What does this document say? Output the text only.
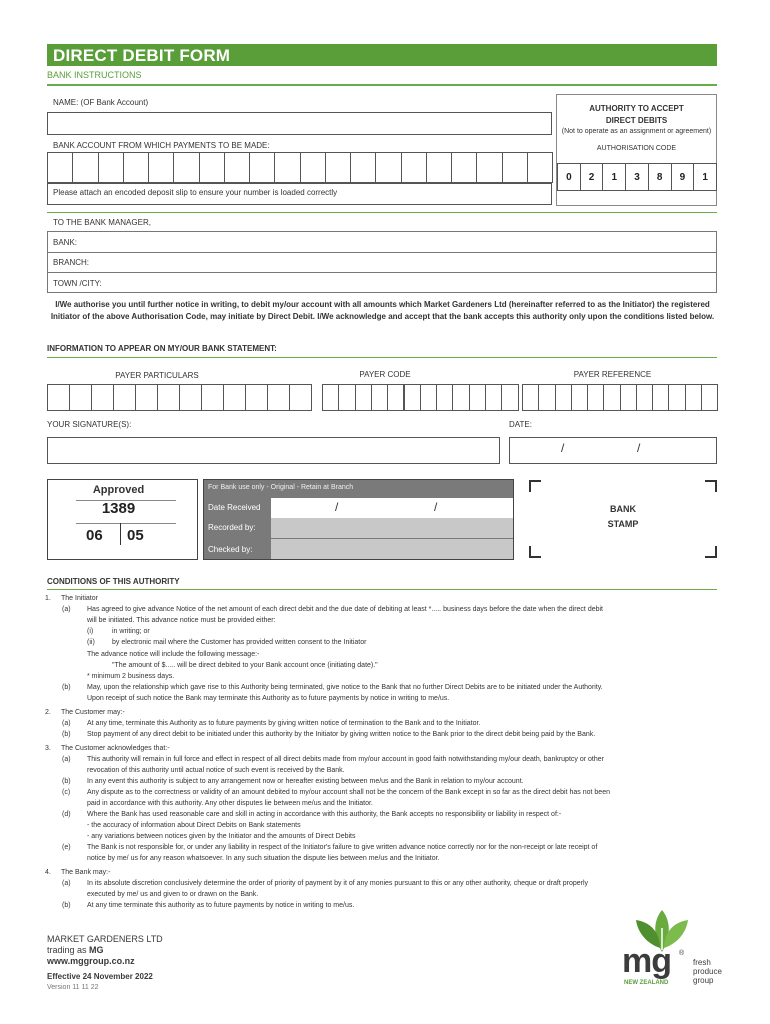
DIRECT DEBIT FORM
BANK INSTRUCTIONS
NAME: (OF Bank Account)
BANK ACCOUNT FROM WHICH PAYMENTS TO BE MADE:
Please attach an encoded deposit slip to ensure your number is loaded correctly
AUTHORITY TO ACCEPT
DIRECT DEBITS
(Not to operate as an assignment or agreement)
AUTHORISATION CODE
0	2	1	3	8	9	1
TO THE BANK MANAGER,
BANK:
BRANCH:
TOWN /CITY:
I/We authorise you until further notice in writing, to debit my/our account with all amounts which Market Gardeners Ltd (hereinafter referred to as the Initiator) the registered Initiator of the above Authorisation Code, may initiate by Direct Debit. I/We acknowledge and accept that the bank accepts this authority only upon the conditions listed below.
INFORMATION TO APPEAR ON MY/OUR BANK STATEMENT:
PAYER PARTICULARS	PAYER CODE	PAYER REFERENCE
YOUR SIGNATURE(S):	DATE:
/	/
Approved
1389
06 05
For Bank use only - Original - Retain at Branch
Date Received	/	/
Recorded by:
Checked by:
BANK
STAMP
CONDITIONS OF THIS AUTHORITY
1. The Initiator
(a) Has agreed to give advance Notice of the net amount of each direct debit and the due date of debiting at least *..... business days before the date when the direct debit
will be initiated. This advance notice must be provided either:
(i)	in writing; or
(ii) by electronic mail where the Customer has provided written consent to the Initiator
The advance notice will include the following message:-
"The amount of $..... will be direct debited to your Bank account once (initiating date)."
* minimum 2 business days.
(b) May, upon the relationship which gave rise to this Authority being terminated, give notice to the Bank that no further Direct Debits are to be initiated under the Authority.
Upon receipt of such notice the Bank may terminate this Authority as to future payments by notice in writing to me/us.
2. The Customer may:-
(a) At any time, terminate this Authority as to future payments by giving written notice of termination to the Bank and to the Initiator.
(b) Stop payment of any direct debit to be initiated under this authority by the Initiator by giving written notice to the Bank prior to the direct debit being paid by the Bank.
3. The Customer acknowledges that:-
(a) This authority will remain in full force and effect in respect of all direct debits made from my/our account in good faith notwithstanding my/our death, bankruptcy or other
revocation of this authority until actual notice of such event is received by the Bank.
(b) In any event this authority is subject to any arrangement now or hereafter existing between me/us and the Bank in relation to my/our account.
(c) Any dispute as to the correctness or validity of an amount debited to my/our account shall not be the concern of the Bank except in so far as the direct debit has not been
paid in accordance with this authority. Any other disputes lie between me/us and the Initiator.
(d) Where the Bank has used reasonable care and skill in acting in accordance with this authority, the Bank accepts no responsibility or liability in respect of:-
- the accuracy of information about Direct Debits on Bank statements
- any variations between notices given by the Initiator and the amounts of Direct Debits
(e) The Bank is not responsible for, or under any liability in respect of the Initiator's failure to give written advance notice correctly nor for the non-receipt or late receipt of
notice by me/ us for any reason whatsoever. In any such situation the dispute lies between me/us and the Initiator.
4. The Bank may:-
(a) In its absolute discretion conclusively determine the order of priority of payment by it of any monies pursuant to this or any other authority, cheque or draft properly
executed by me/ us and given to or drawn on the Bank.
(b) At any time terminate this authority as to future payments by notice in writing to me/us.
MARKET GARDENERS LTD
trading as MG
www.mggroup.co.nz
Effective 24 November 2022
Version 11 11 22
mg ®
NEW ZEALAND
fresh
produce
group
